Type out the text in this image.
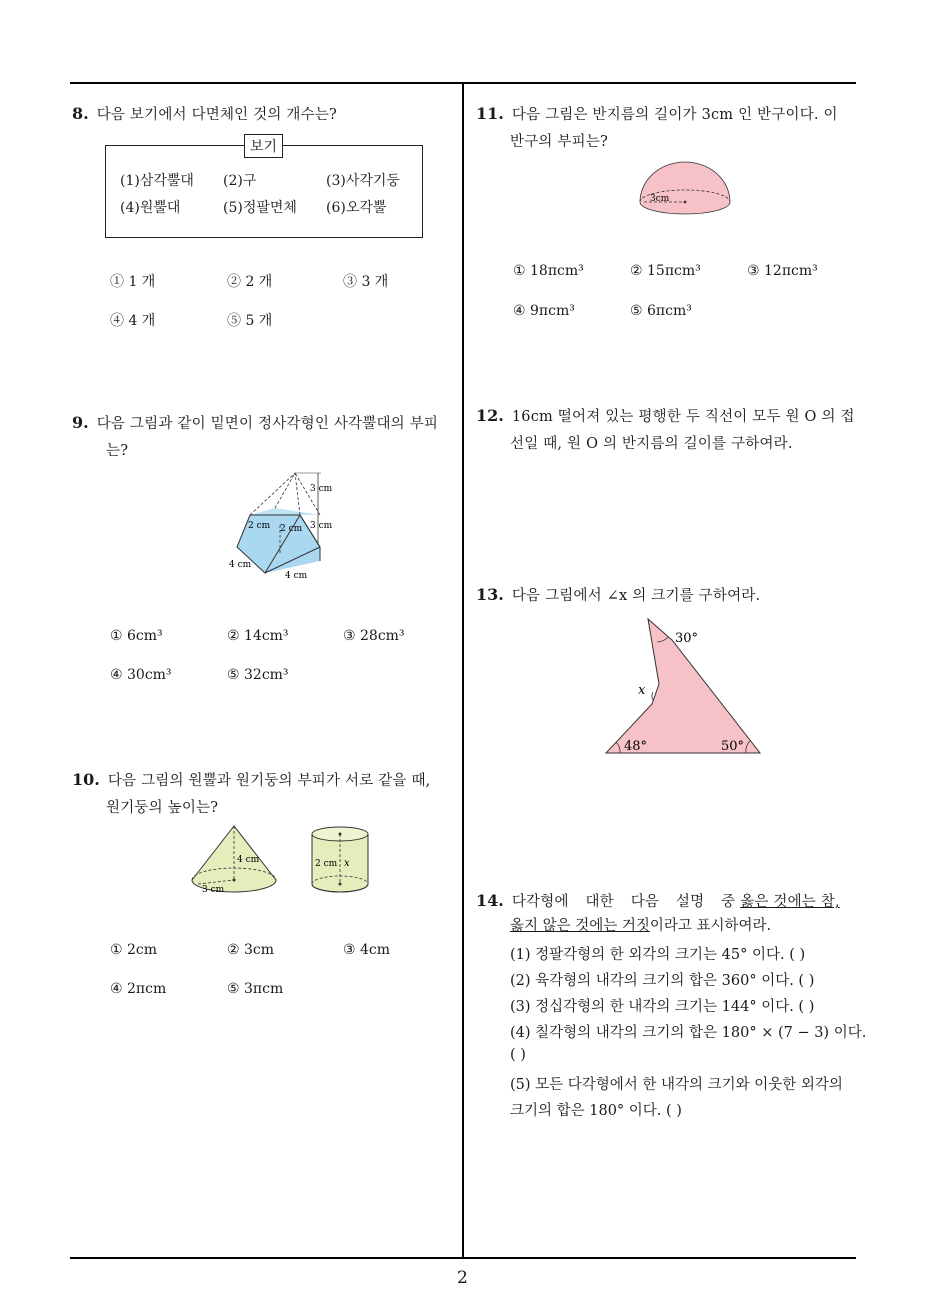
2
8. 다음 보기에서 다면체인 것의 개수는?
보기
(1)삼각뿔대 (2)구	(3)사각기둥
(4)원뿔대	(5)정팔면체 (6)오각뿔
① 1 개	② 2 개	③ 3 개
④ 4 개	⑤ 5 개
9. 다음 그림과 같이 밑면이 정사각형인 사각뿔대의 부피
는?
3 cm
3 cm
2 cm 2 cm
4 cm
4 cm
① 6cm³	② 14cm³	③ 28cm³
④ 30cm³	⑤ 32cm³
10. 다음 그림의 원뿔과 원기둥의 부피가 서로 같을 때,
원기둥의 높이는?
4 cm
3 cm
2 cm x
① 2cm	② 3cm	③ 4cm
④ 2πcm	⑤ 3πcm
11. 다음 그림은 반지름의 길이가 3cm 인 반구이다. 이
반구의 부피는?
3cm
① 18πcm³	② 15πcm³	③ 12πcm³
④ 9πcm³	⑤ 6πcm³
12. 16cm 떨어져 있는 평행한 두 직선이 모두 원 O 의 접
선일 때, 원 O 의 반지름의 길이를 구하여라.
13. 다음 그림에서 ∠x 의 크기를 구하여라.
30°
x
48°	50°
14. 다각형에 대한 다음 설명 중 옳은 것에는 참,
옳지 않은 것에는 거짓이라고 표시하여라.
(1) 정팔각형의 한 외각의 크기는 45° 이다. ( )
(2) 육각형의 내각의 크기의 합은 360° 이다. ( )
(3) 정십각형의 한 내각의 크기는 144° 이다. ( )
(4) 칠각형의 내각의 크기의 합은 180° × (7 − 3) 이다.
( )
(5) 모든 다각형에서 한 내각의 크기와 이웃한 외각의
크기의 합은 180° 이다. ( )
